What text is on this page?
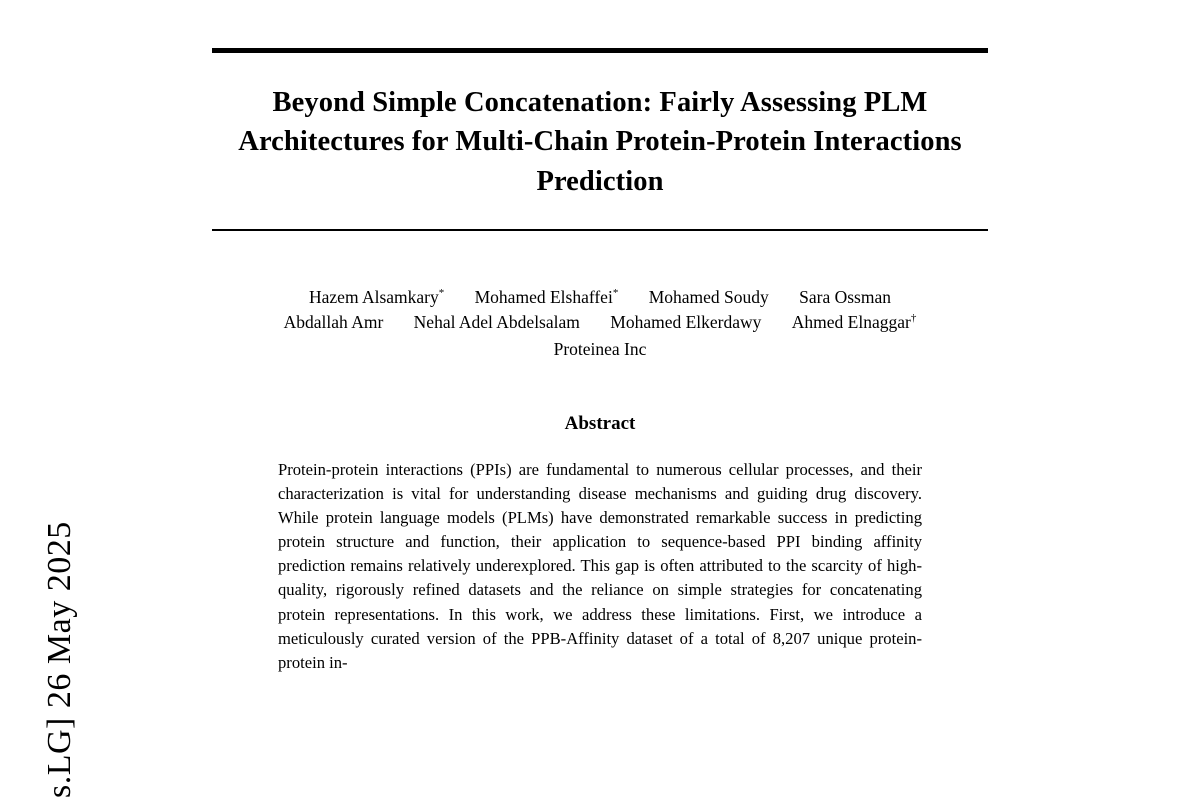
s.LG] 26 May 2025
Beyond Simple Concatenation: Fairly Assessing PLM Architectures for Multi-Chain Protein-Protein Interactions Prediction
Hazem Alsamkary* Mohamed Elshaffei* Mohamed Soudy Sara Ossman
Abdallah Amr Nehal Adel Abdelsalam Mohamed Elkerdawy Ahmed Elnaggar†
Proteinea Inc
Abstract

Protein-protein interactions (PPIs) are fundamental to numerous cellular processes, and their characterization is vital for understanding disease mechanisms and guiding drug discovery. While protein language models (PLMs) have demonstrated remarkable success in predicting protein structure and function, their application to sequence-based PPI binding affinity prediction remains relatively underexplored. This gap is often attributed to the scarcity of high-quality, rigorously refined datasets and the reliance on simple strategies for concatenating protein representations. In this work, we address these limitations. First, we introduce a meticulously curated version of the PPB-Affinity dataset of a total of 8,207 unique protein-protein in-
